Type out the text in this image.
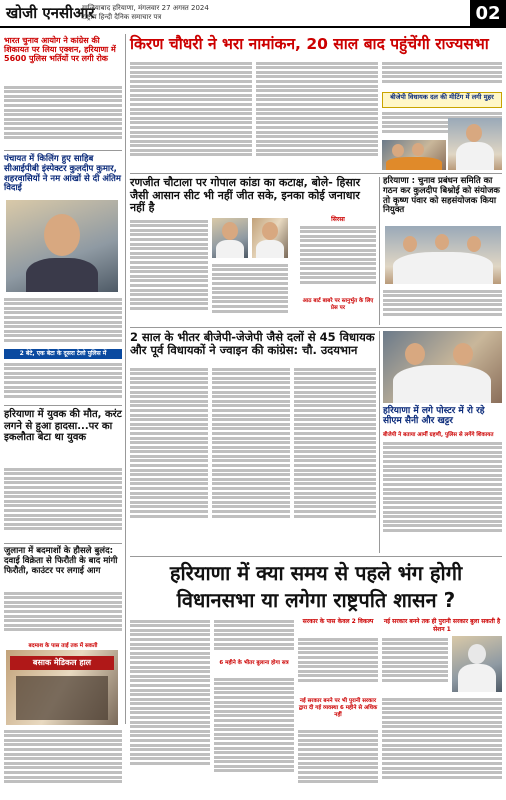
खोजी एनसीआर
गाजियाबाद हरियाणा, मंगलवार 27 अगस्त 2024
राष्ट्रीय हिन्दी दैनिक समाचार पत्र	02
भारत चुनाव आयोग ने कांग्रेस की शिकायत पर लिया एक्शन, हरियाणा में 5600 पुलिस भर्तियों पर लगी रोक
पंचायत में किलिंग हुए साहिब सीआईपीबी इंस्पेक्टर कुलदीप कुमार, शहरवासियों ने नम आंखों से दी अंतिम विदाई
2 बेटे, एक बेटा के दूसरा टेलो पुलिस में
हरियाणा में युवक की मौत, करंट लगने से हुआ हादसा...पर का इकलौता बेटा था युवक
जुलाना में बदमाशों के हौसले बुलंद: दवाई विक्रेता से फिरौती के बाद मांगी फिरौती, काउंटर पर लगाई आग
बदमाश के पास ताई तक में सकती
बसाक मेडिकल हाल
किरण चौधरी ने भरा नामांकन, 20 साल बाद पहुंचेंगी राज्यसभा
बीजेपी विधायक दल की मीटिंग में लगी मुहर
रणजीत चौटाला पर गोपाल कांडा का कटाक्ष, बोले- हिसार जैसी आसान सीट भी नहीं जीत सके, इनका कोई जनाधार नहीं है
सिरसा
आठ बार्ट बाबरे पर स्तनुर्भुत के लिए प्रेस पर
हरियाणा : चुनाव प्रबंधन समिति का गठन कर कुलदीप बिश्नोई को संयोजक तो कृष्ण पंवार को सहसंयोजक किया नियुक्त
2 साल के भीतर बीजेपी-जेजेपी जैसे दलों से 45 विधायक और पूर्व विधायकों ने ज्वाइन की कांग्रेस: चौ. उदयभान
हरियाणा में लगे पोस्टर में रो रहे सीएम सैनी और खट्टर
बीजेपी ने बताया आर्मी ग्रहणी, पुलिस से लगेंगे शिकायत
हरियाणा में क्या समय से पहले भंग होगी विधानसभा या लगेगा राष्ट्रपति शासन ?
6 महीने के भीतर बुलाना होगा सत्र
सरकार के पास केवल 2 विकल्प
नई सरकार बनने पर भी पुरानी सरकार द्वारा दी गई व्यवस्था 6 महीने से अधिक नहीं
नई सरकार बनने तक ही पुरानी सरकार बुला सकती है सेशन 1
